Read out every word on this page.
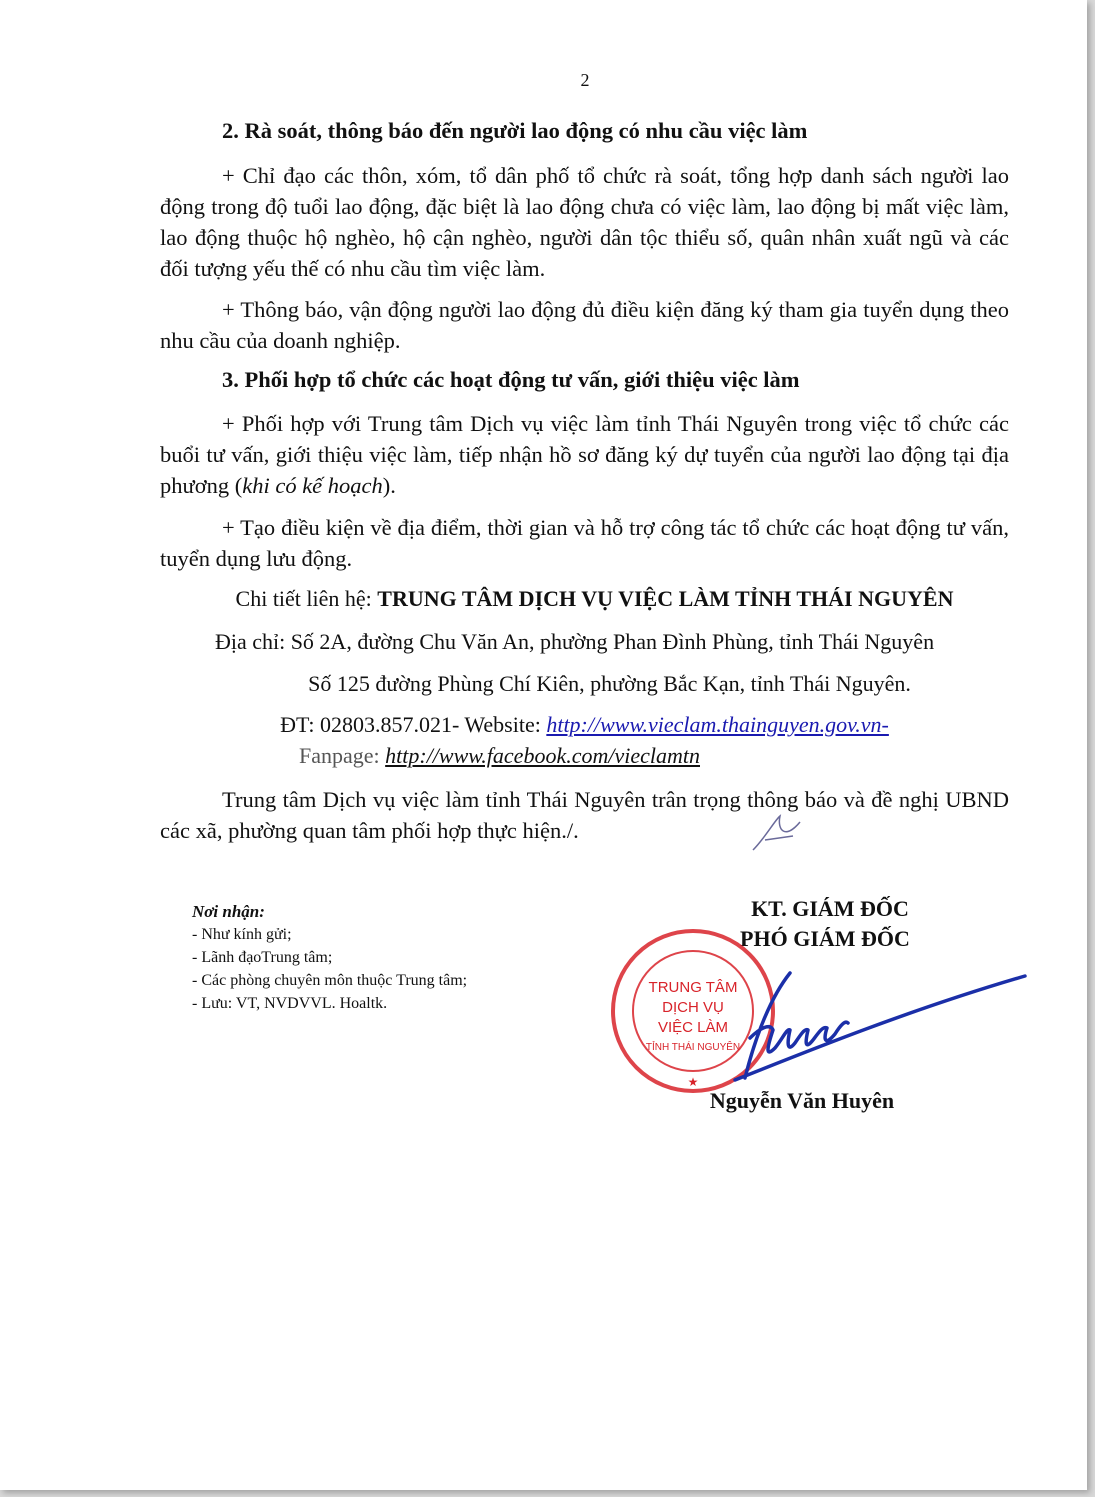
2
2. Rà soát, thông báo đến người lao động có nhu cầu việc làm
+ Chỉ đạo các thôn, xóm, tổ dân phố tổ chức rà soát, tổng hợp danh sách người lao động trong độ tuổi lao động, đặc biệt là lao động chưa có việc làm, lao động bị mất việc làm, lao động thuộc hộ nghèo, hộ cận nghèo, người dân tộc thiểu số, quân nhân xuất ngũ và các đối tượng yếu thế có nhu cầu tìm việc làm.
+ Thông báo, vận động người lao động đủ điều kiện đăng ký tham gia tuyển dụng theo nhu cầu của doanh nghiệp.
3. Phối hợp tổ chức các hoạt động tư vấn, giới thiệu việc làm
+ Phối hợp với Trung tâm Dịch vụ việc làm tỉnh Thái Nguyên trong việc tổ chức các buổi tư vấn, giới thiệu việc làm, tiếp nhận hồ sơ đăng ký dự tuyển của người lao động tại địa phương (khi có kế hoạch).
+ Tạo điều kiện về địa điểm, thời gian và hỗ trợ công tác tổ chức các hoạt động tư vấn, tuyển dụng lưu động.
Chi tiết liên hệ: TRUNG TÂM DỊCH VỤ VIỆC LÀM TỈNH THÁI NGUYÊN
Địa chỉ: Số 2A, đường Chu Văn An, phường Phan Đình Phùng, tỉnh Thái Nguyên
Số 125 đường Phùng Chí Kiên, phường Bắc Kạn, tỉnh Thái Nguyên.
ĐT: 02803.857.021- Website: http://www.vieclam.thainguyen.gov.vn-
Fanpage: http://www.facebook.com/vieclamtn
Trung tâm Dịch vụ việc làm tỉnh Thái Nguyên trân trọng thông báo và đề nghị UBND các xã, phường quan tâm phối hợp thực hiện./.
Nơi nhận:
- Như kính gửi;
- Lãnh đạoTrung tâm;
- Các phòng chuyên môn thuộc Trung tâm;
- Lưu: VT, NVDVVL. Hoaltk.
KT. GIÁM ĐỐC
PHÓ GIÁM ĐỐC
TRUNG TÂM
DỊCH VỤ
VIỆC LÀM
TỈNH THÁI NGUYÊN
★
Nguyễn Văn Huyên
